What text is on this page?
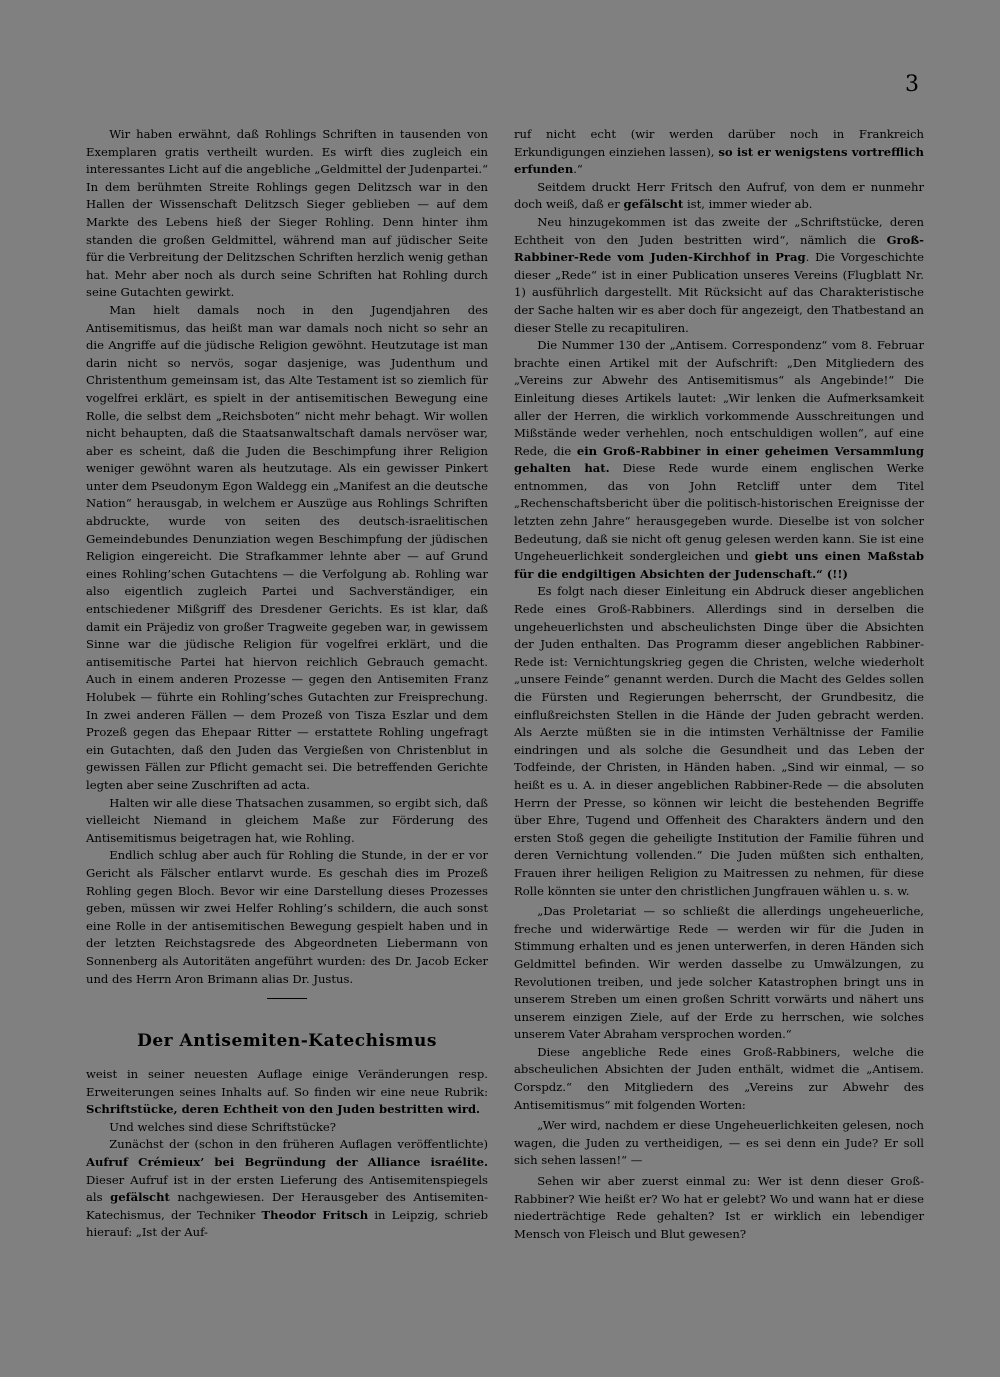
3

Wir haben erwähnt, daß Rohlings Schriften in tausenden von Exemplaren gratis vertheilt wurden. Es wirft dies zugleich ein interessantes Licht auf die angebliche „Geldmittel der Judenpartei.“ In dem berühmten Streite Rohlings gegen Delitzsch war in den Hallen der Wissenschaft Delitzsch Sieger geblieben — auf dem Markte des Lebens hieß der Sieger Rohling. Denn hinter ihm standen die großen Geldmittel, während man auf jüdischer Seite für die Verbreitung der Delitzschen Schriften herzlich wenig gethan hat. Mehr aber noch als durch seine Schriften hat Rohling durch seine Gutachten gewirkt.

Man hielt damals noch in den Jugendjahren des Antisemitismus, das heißt man war damals noch nicht so sehr an die Angriffe auf die jüdische Religion gewöhnt. Heutzutage ist man darin nicht so nervös, sogar dasjenige, was Judenthum und Christenthum gemeinsam ist, das Alte Testament ist so ziemlich für vogelfrei erklärt, es spielt in der antisemitischen Bewegung eine Rolle, die selbst dem „Reichsboten“ nicht mehr behagt. Wir wollen nicht behaupten, daß die Staatsanwaltschaft damals nervöser war, aber es scheint, daß die Juden die Beschimpfung ihrer Religion weniger gewöhnt waren als heutzutage. Als ein gewisser Pinkert unter dem Pseudonym Egon Waldegg ein „Manifest an die deutsche Nation“ herausgab, in welchem er Auszüge aus Rohlings Schriften abdruckte, wurde von seiten des deutsch-israelitischen Gemeindebundes Denunziation wegen Beschimpfung der jüdischen Religion eingereicht. Die Strafkammer lehnte aber — auf Grund eines Rohling’schen Gutachtens — die Verfolgung ab. Rohling war also eigentlich zugleich Partei und Sachverständiger, ein entschiedener Mißgriff des Dresdener Gerichts. Es ist klar, daß damit ein Präjediz von großer Tragweite gegeben war, in gewissem Sinne war die jüdische Religion für vogelfrei erklärt, und die antisemitische Partei hat hiervon reichlich Gebrauch gemacht. Auch in einem anderen Prozesse — gegen den Antisemiten Franz Holubek — führte ein Rohling’sches Gutachten zur Freisprechung. In zwei anderen Fällen — dem Prozeß von Tisza Eszlar und dem Prozeß gegen das Ehepaar Ritter — erstattete Rohling ungefragt ein Gutachten, daß den Juden das Vergießen von Christenblut in gewissen Fällen zur Pflicht gemacht sei. Die betreffenden Gerichte legten aber seine Zuschriften ad acta.

Halten wir alle diese Thatsachen zusammen, so ergibt sich, daß vielleicht Niemand in gleichem Maße zur Förderung des Antisemitismus beigetragen hat, wie Rohling.

Endlich schlug aber auch für Rohling die Stunde, in der er vor Gericht als Fälscher entlarvt wurde. Es geschah dies im Prozeß Rohling gegen Bloch. Bevor wir eine Darstellung dieses Prozesses geben, müssen wir zwei Helfer Rohling’s schildern, die auch sonst eine Rolle in der antisemitischen Bewegung gespielt haben und in der letzten Reichstagsrede des Abgeordneten Liebermann von Sonnenberg als Autoritäten angeführt wurden: des Dr. Jacob Ecker und des Herrn Aron Brimann alias Dr. Justus.

Der Antisemiten-Katechismus

weist in seiner neuesten Auflage einige Veränderungen resp. Erweiterungen seines Inhalts auf. So finden wir eine neue Rubrik: Schriftstücke, deren Echtheit von den Juden bestritten wird.

Und welches sind diese Schriftstücke?

Zunächst der (schon in den früheren Auflagen veröffentlichte) Aufruf Crémieux’ bei Begründung der Alliance israélite. Dieser Aufruf ist in der ersten Lieferung des Antisemitenspiegels als gefälscht nachgewiesen. Der Herausgeber des Antisemiten-Katechismus, der Techniker Theodor Fritsch in Leipzig, schrieb hierauf: „Ist der Auf-

ruf nicht echt (wir werden darüber noch in Frankreich Erkundigungen einziehen lassen), so ist er wenigstens vortrefflich erfunden.“

Seitdem druckt Herr Fritsch den Aufruf, von dem er nunmehr doch weiß, daß er gefälscht ist, immer wieder ab.

Neu hinzugekommen ist das zweite der „Schriftstücke, deren Echtheit von den Juden bestritten wird“, nämlich die Groß-Rabbiner-Rede vom Juden-Kirchhof in Prag. Die Vorgeschichte dieser „Rede“ ist in einer Publication unseres Vereins (Flugblatt Nr. 1) ausführlich dargestellt. Mit Rücksicht auf das Charakteristische der Sache halten wir es aber doch für angezeigt, den Thatbestand an dieser Stelle zu recapituliren.

Die Nummer 130 der „Antisem. Correspondenz“ vom 8. Februar brachte einen Artikel mit der Aufschrift: „Den Mitgliedern des „Vereins zur Abwehr des Antisemitismus“ als Angebinde!“ Die Einleitung dieses Artikels lautet: „Wir lenken die Aufmerksamkeit aller der Herren, die wirklich vorkommende Ausschreitungen und Mißstände weder verhehlen, noch entschuldigen wollen“, auf eine Rede, die ein Groß-Rabbiner in einer geheimen Versammlung gehalten hat. Diese Rede wurde einem englischen Werke entnommen, das von John Retcliff unter dem Titel „Rechenschaftsbericht über die politisch-historischen Ereignisse der letzten zehn Jahre“ herausgegeben wurde. Dieselbe ist von solcher Bedeutung, daß sie nicht oft genug gelesen werden kann. Sie ist eine Ungeheuerlichkeit sondergleichen und giebt uns einen Maßstab für die endgiltigen Absichten der Judenschaft.“ (!!)

Es folgt nach dieser Einleitung ein Abdruck dieser angeblichen Rede eines Groß-Rabbiners. Allerdings sind in derselben die ungeheuerlichsten und abscheulichsten Dinge über die Absichten der Juden enthalten. Das Programm dieser angeblichen Rabbiner-Rede ist: Vernichtungskrieg gegen die Christen, welche wiederholt „unsere Feinde“ genannt werden. Durch die Macht des Geldes sollen die Fürsten und Regierungen beherrscht, der Grundbesitz, die einflußreichsten Stellen in die Hände der Juden gebracht werden. Als Aerzte müßten sie in die intimsten Verhältnisse der Familie eindringen und als solche die Gesundheit und das Leben der Todfeinde, der Christen, in Händen haben. „Sind wir einmal, — so heißt es u. A. in dieser angeblichen Rabbiner-Rede — die absoluten Herrn der Presse, so können wir leicht die bestehenden Begriffe über Ehre, Tugend und Offenheit des Charakters ändern und den ersten Stoß gegen die geheiligte Institution der Familie führen und deren Vernichtung vollenden.“ Die Juden müßten sich enthalten, Frauen ihrer heiligen Religion zu Maitressen zu nehmen, für diese Rolle könnten sie unter den christlichen Jungfrauen wählen u. s. w.

„Das Proletariat — so schließt die allerdings ungeheuerliche, freche und widerwärtige Rede — werden wir für die Juden in Stimmung erhalten und es jenen unterwerfen, in deren Händen sich Geldmittel befinden. Wir werden dasselbe zu Umwälzungen, zu Revolutionen treiben, und jede solcher Katastrophen bringt uns in unserem Streben um einen großen Schritt vorwärts und nähert uns unserem einzigen Ziele, auf der Erde zu herrschen, wie solches unserem Vater Abraham versprochen worden.“

Diese angebliche Rede eines Groß-Rabbiners, welche die abscheulichen Absichten der Juden enthält, widmet die „Antisem. Corspdz.“ den Mitgliedern des „Vereins zur Abwehr des Antisemitismus“ mit folgenden Worten:

„Wer wird, nachdem er diese Ungeheuerlichkeiten gelesen, noch wagen, die Juden zu vertheidigen, — es sei denn ein Jude? Er soll sich sehen lassen!“ —

Sehen wir aber zuerst einmal zu: Wer ist denn dieser Groß-Rabbiner? Wie heißt er? Wo hat er gelebt? Wo und wann hat er diese niederträchtige Rede gehalten? Ist er wirklich ein lebendiger Mensch von Fleisch und Blut gewesen?
